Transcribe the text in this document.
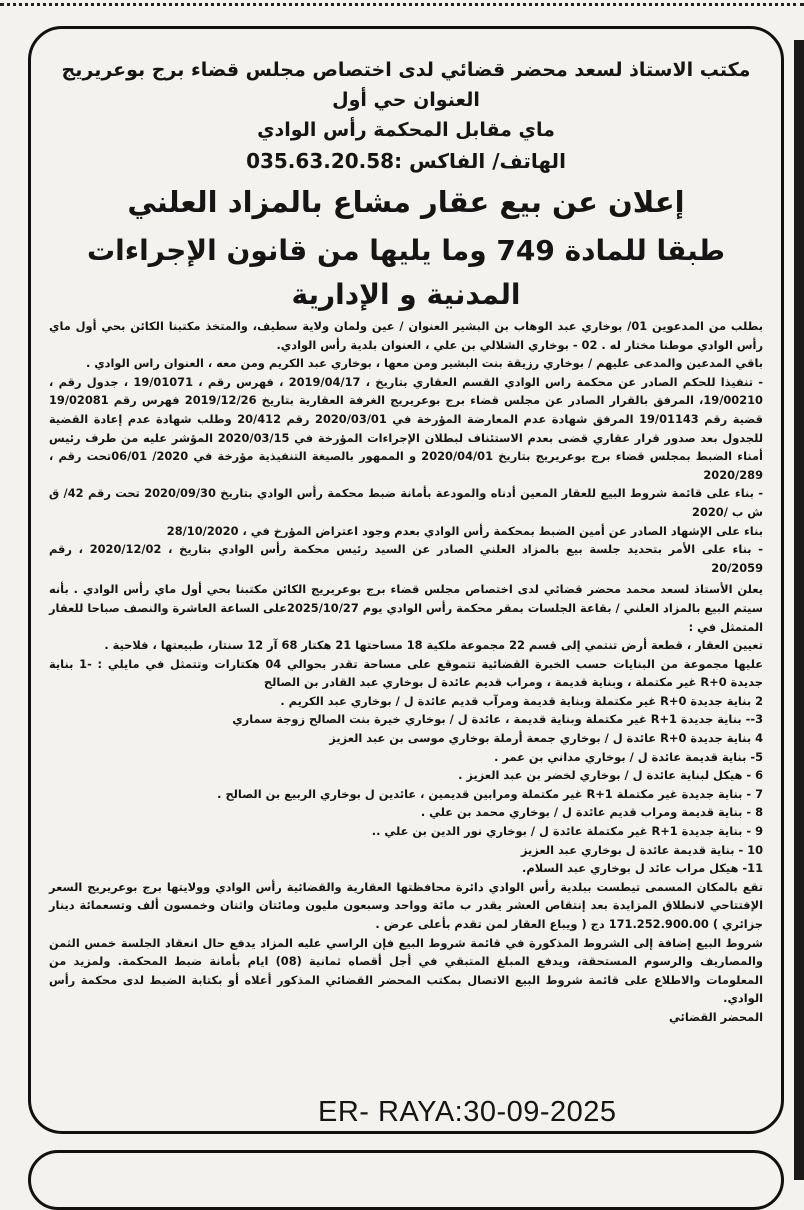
مكتب الاستاذ لسعد محضر قضائي لدى اختصاص مجلس قضاء برج بوعريريج العنوان حي أول
ماي مقابل المحكمة رأس الوادي
الهاتف/ الفاكس 035.63.20.58:
إعلان عن بيع عقار مشاع بالمزاد العلني
طبقا للمادة 749 وما يليها من قانون الإجراءات المدنية و الإدارية

بطلب من المدعوين 01/ بوخاري عبد الوهاب بن البشير العنوان / عين ولمان ولاية سطيف، والمتخذ مكتبنا الكائن بحي أول ماي رأس الوادي موطنا مختار له . 02 - بوخاري الشلالي بن علي ، العنوان بلدية رأس الوادي.

باقي المدعين والمدعى عليهم / بوخاري رزيقة بنت البشير ومن معها ، بوخاري عبد الكريم ومن معه ، العنوان راس الوادي .

- تنفيذا للحكم الصادر عن محكمة راس الوادي القسم العقاري بتاريخ ، 2019/04/17 ، فهرس رقم ، 19/01071 ، جدول رقم ، 19/00210، المرفق بالقرار الصادر عن مجلس قضاء برج بوعريريج الغرفة العقارية بتاريخ 2019/12/26 فهرس رقم 19/02081 قضية رقم 19/01143 المرفق شهادة عدم المعارضة المؤرخة في 2020/03/01 رقم 20/412 وطلب شهادة عدم إعادة القضية للجدول بعد صدور قرار عقاري قضى بعدم الاستئناف لبطلان الإجراءات المؤرخة في 2020/03/15 المؤشر عليه من طرف رئيس أمناء الضبط بمجلس قضاء برج بوعريريج بتاريخ 2020/04/01 و الممهور بالصيغة التنفيذية مؤرخة في 2020/ 06/01تحت رقم ، 2020/289

- بناء على قائمة شروط البيع للعقار المعين أدناه والمودعة بأمانة ضبط محكمة رأس الوادي بتاريخ 2020/09/30 تحت رقم 42/ ق ش ب /2020

بناء على الإشهاد الصادر عن أمين الضبط بمحكمة رأس الوادي بعدم وجود اعتراض المؤرخ في ، 28/10/2020

- بناء على الأمر بتحديد جلسة بيع بالمزاد العلني الصادر عن السيد رئيس محكمة رأس الوادي بتاريخ ، 2020/12/02 ، رقم 20/2059

يعلن الأستاذ لسعد محمد محضر قضائي لدى اختصاص مجلس قضاء برج بوعريريج الكائن مكتبنا بحي أول ماي رأس الوادي . بأنه سيتم البيع بالمزاد العلني / بقاعة الجلسات بمقر محكمة رأس الوادي يوم 2025/10/27على الساعة العاشرة والنصف صباحا للعقار المتمثل في :

تعيين العقار ، قطعة أرض تنتمي إلى قسم 22 مجموعة ملكية 18 مساحتها 21 هكتار 68 آر 12 سنتار، طبيعتها ، فلاحية .

عليها مجموعة من البنايات حسب الخبرة القضائية تتموقع على مساحة تقدر بحوالي 04 هكتارات وتتمثل في مايلي : -1 بناية جديدة R+0 غير مكتملة ، وبناية قديمة ، ومراب قديم عائدة ل بوخاري عبد القادر بن الصالح

2 بناية جديدة R+0 غير مكتملة وبناية قديمة ومرآب قديم عائدة ل / بوخاري عبد الكريم .

3-- بناية جديدة R+1 غير مكتملة وبناية قديمة ، عائدة ل / بوخاري خيرة بنت الصالح زوجة سماري

4 بناية جديدة R+0 عائدة ل / بوخاري جمعة أرملة بوخاري موسى بن عبد العزيز

5- بناية قديمة عائدة ل / بوخاري مداني بن عمر .

6 - هيكل لبناية عائدة ل / بوخاري لخضر بن عبد العزيز .

7 - بناية جديدة غير مكتملة R+1 غير مكتملة ومرابين قديمين ، عائدين ل بوخاري الربيع بن الصالح .

8 - بناية قديمة ومراب قديم عائدة ل / بوخاري محمد بن علي .

9 - بناية جديدة R+1 غير مكتملة عائدة ل / بوخاري نور الدين بن علي ..

10 - بناية قديمة عائدة ل بوخاري عبد العزيز

11- هيكل مراب عائد ل بوخاري عبد السلام.

تقع بالمكان المسمى تيطست ببلدية رأس الوادي دائرة محافظتها العقارية والقضائية رأس الوادي وولايتها برج بوعريريج السعر الإفتتاحي لانطلاق المزايدة بعد إنتقاص العشر يقدر ب مائة وواحد وسبعون مليون ومائتان واثنان وخمسون ألف وتسعمائة دينار جزائري ) 171.252.900.00 دج ( ويباع العقار لمن تقدم بأعلى عرض .

شروط البيع إضافة إلى الشروط المذكورة في قائمة شروط البيع فإن الراسي عليه المزاد يدفع حال انعقاد الجلسة خمس الثمن والمصاريف والرسوم المستحقة، ويدفع المبلغ المتبقي في أجل أقصاه ثمانية (08) ايام بأمانة ضبط المحكمة. ولمزيد من المعلومات والاطلاع على قائمة شروط البيع الاتصال بمكتب المحضر القضائي المذكور أعلاه أو بكتابة الضبط لدى محكمة رأس الوادي.

المحضر القضائي
ER- RAYA:30-09-2025
